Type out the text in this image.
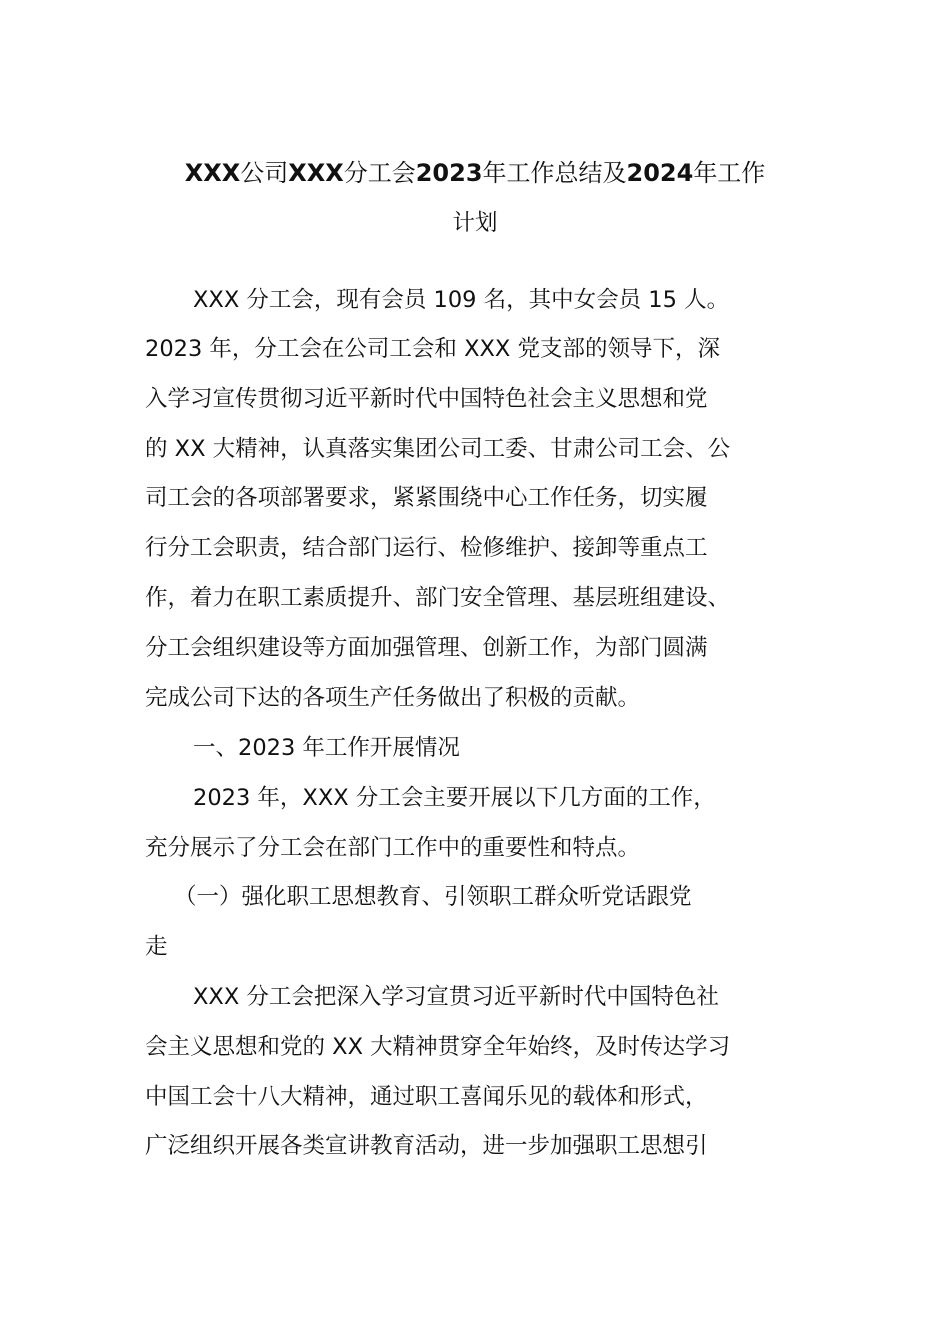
XXX公司XXX分工会2023年工作总结及2024年工作
计划

XXX 分工会，现有会员 109 名，其中女会员 15 人。

2023 年，分工会在公司工会和 XXX 党支部的领导下，深

入学习宣传贯彻习近平新时代中国特色社会主义思想和党

的 XX 大精神，认真落实集团公司工委、甘肃公司工会、公

司工会的各项部署要求，紧紧围绕中心工作任务，切实履

行分工会职责，结合部门运行、检修维护、接卸等重点工

作，着力在职工素质提升、部门安全管理、基层班组建设、

分工会组织建设等方面加强管理、创新工作，为部门圆满

完成公司下达的各项生产任务做出了积极的贡献。

一、2023 年工作开展情况

2023 年，XXX 分工会主要开展以下几方面的工作，

充分展示了分工会在部门工作中的重要性和特点。

（一）强化职工思想教育、引领职工群众听党话跟党

走

XXX 分工会把深入学习宣贯习近平新时代中国特色社

会主义思想和党的 XX 大精神贯穿全年始终，及时传达学习

中国工会十八大精神，通过职工喜闻乐见的载体和形式，

广泛组织开展各类宣讲教育活动，进一步加强职工思想引
